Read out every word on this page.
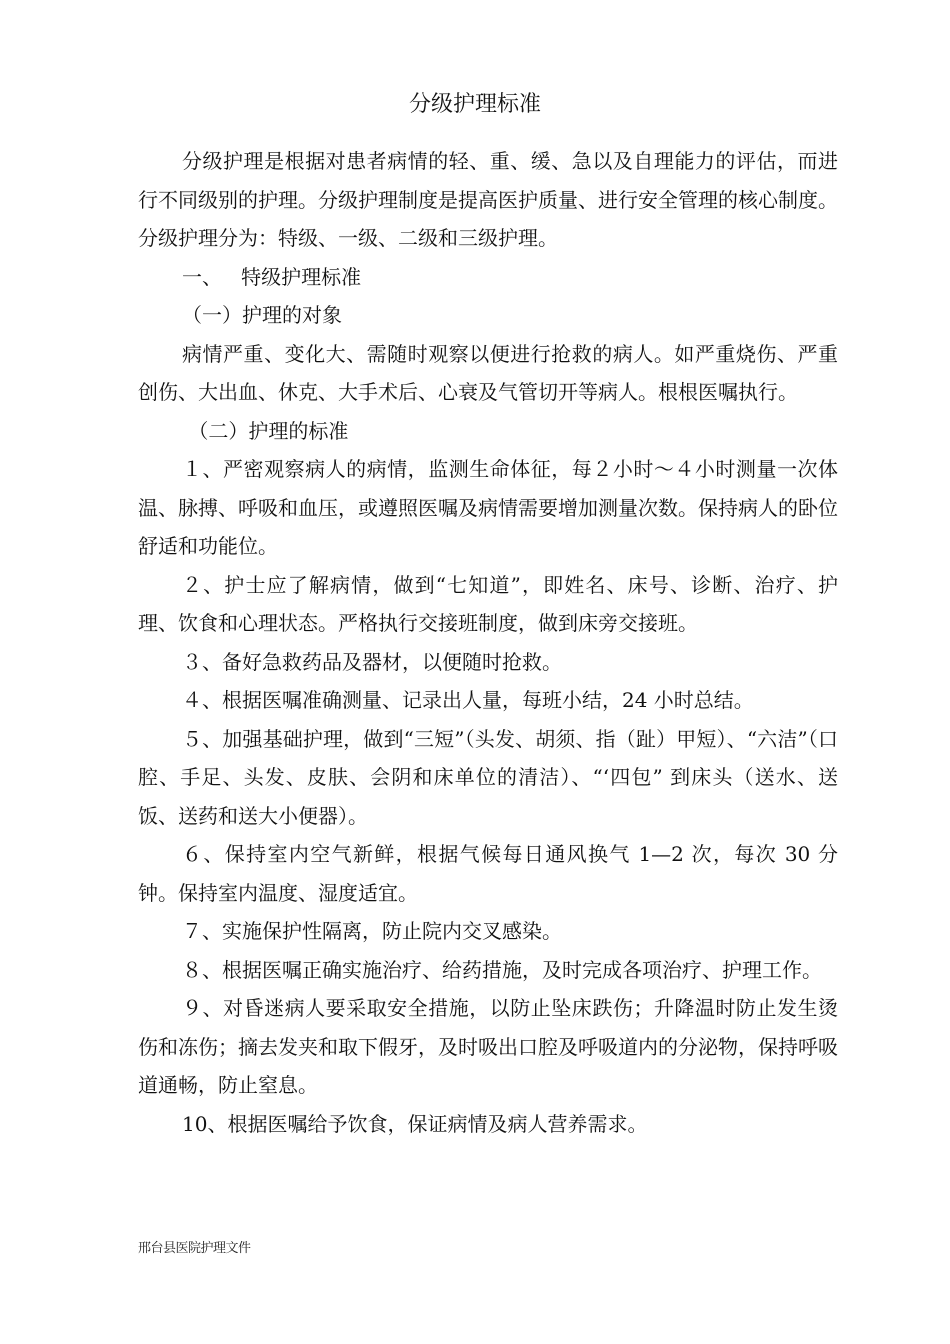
分级护理标准

分级护理是根据对患者病情的轻、重、缓、急以及自理能力的评估，而进行不同级别的护理。分级护理制度是提高医护质量、进行安全管理的核心制度。分级护理分为：特级、一级、二级和三级护理。

一、   特级护理标准

（一）护理的对象

病情严重、变化大、需随时观察以便进行抢救的病人。如严重烧伤、严重创伤、大出血、休克、大手术后、心衰及气管切开等病人。根根医嘱执行。

（二）护理的标准

１、严密观察病人的病情，监测生命体征，每２小时～４小时测量一次体温、脉搏、呼吸和血压，或遵照医嘱及病情需要增加测量次数。保持病人的卧位舒适和功能位。

２、护士应了解病情，做到“七知道”，即姓名、床号、诊断、治疗、护理、饮食和心理状态。严格执行交接班制度，做到床旁交接班。

３、备好急救药品及器材，以便随时抢救。

４、根据医嘱准确测量、记录出人量，每班小结，24 小时总结。

５、加强基础护理，做到“三短”（头发、胡须、指（趾）甲短）、“六洁”（口腔、手足、头发、皮肤、会阴和床单位的清洁）、“‘四包” 到床头（送水、送饭、送药和送大小便器）。

６、保持室内空气新鲜，根据气候每日通风换气 1—2 次，每次 30 分钟。保持室内温度、湿度适宜。

７、实施保护性隔离，防止院内交叉感染。

８、根据医嘱正确实施治疗、给药措施，及时完成各项治疗、护理工作。

９、对昏迷病人要采取安全措施，以防止坠床跌伤；升降温时防止发生烫伤和冻伤；摘去发夹和取下假牙，及时吸出口腔及呼吸道内的分泌物，保持呼吸道通畅，防止窒息。

10、根据医嘱给予饮食，保证病情及病人营养需求。

邢台县医院护理文件
